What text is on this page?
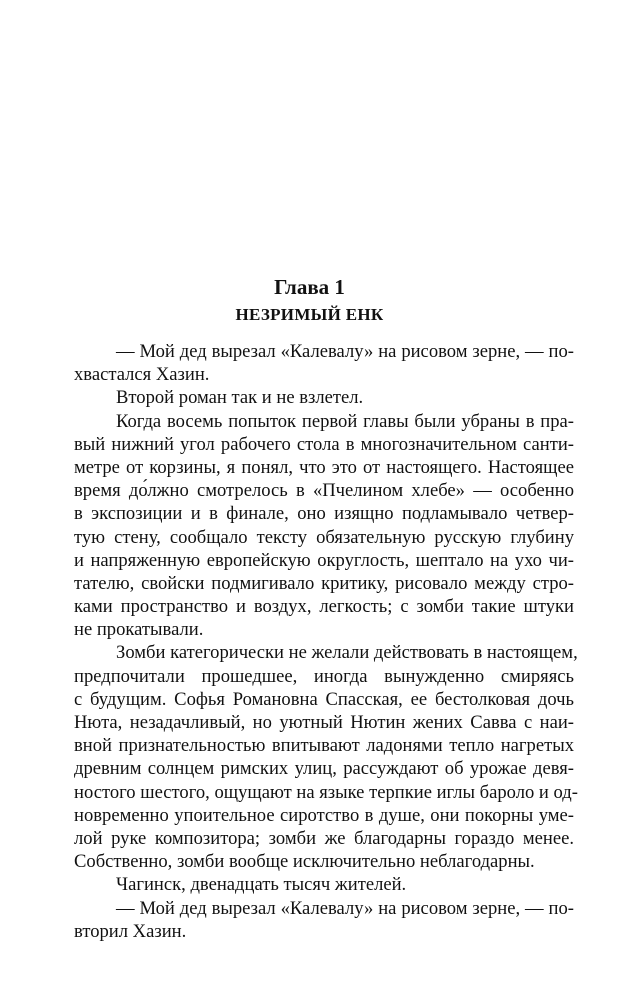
Глава 1
НЕЗРИМЫЙ ЕНК
— Мой дед вырезал «Калевалу» на рисовом зерне, — по-
хвастался Хазин.
Второй роман так и не взлетел.
Когда восемь попыток первой главы были убраны в пра-
вый нижний угол рабочего стола в многозначительном санти-
метре от корзины, я понял, что это от настоящего. Настоящее
время до́лжно смотрелось в «Пчелином хлебе» — особенно
в экспозиции и в финале, оно изящно подламывало четвер-
тую стену, сообщало тексту обязательную русскую глубину
и напряженную европейскую округлость, шептало на ухо чи-
тателю, свойски подмигивало критику, рисовало между стро-
ками пространство и воздух, легкость; с зомби такие штуки
не прокатывали.
Зомби категорически не желали действовать в настоящем,
предпочитали прошедшее, иногда вынужденно смиряясь
с будущим. Софья Романовна Спасская, ее бестолковая дочь
Нюта, незадачливый, но уютный Нютин жених Савва с наи-
вной признательностью впитывают ладонями тепло нагретых
древним солнцем римских улиц, рассуждают об урожае девя-
ностого шестого, ощущают на языке терпкие иглы бароло и од-
новременно упоительное сиротство в душе, они покорны уме-
лой руке композитора; зомби же благодарны гораздо менее.
Собственно, зомби вообще исключительно неблагодарны.
Чагинск, двенадцать тысяч жителей.
— Мой дед вырезал «Калевалу» на рисовом зерне, — по-
вторил Хазин.
